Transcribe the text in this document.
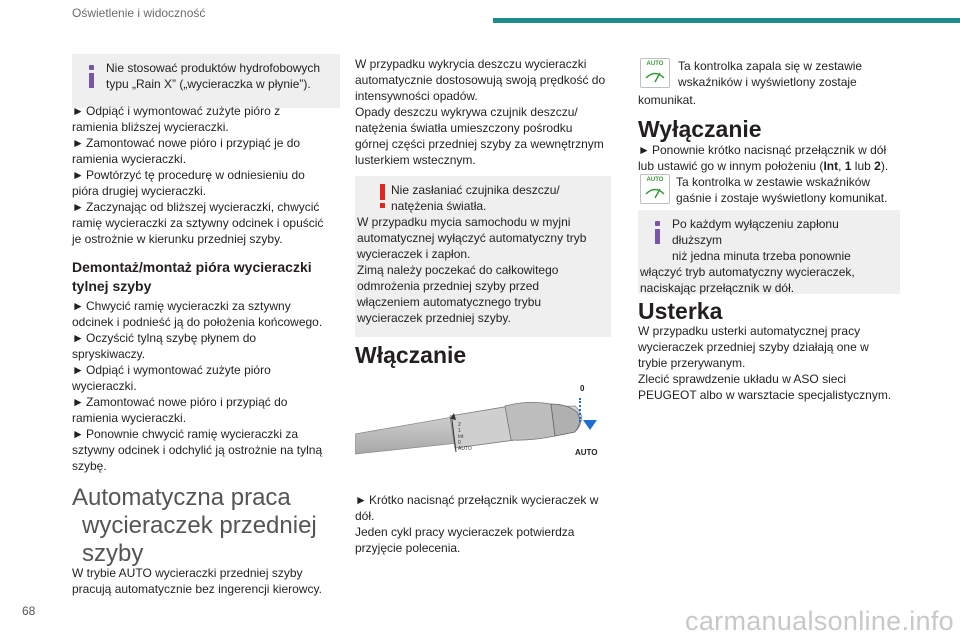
Oświetlenie i widoczność

Nie stosować produktów hydrofobowych

typu „Rain X” („wycieraczka w płynie”).

► Odpiąć i wymontować zużyte pióro z
ramienia bliższej wycieraczki.
► Zamontować nowe pióro i przypiąć je do
ramienia wycieraczki.
► Powtórzyć tę procedurę w odniesieniu do
pióra drugiej wycieraczki.
► Zaczynając od bliższej wycieraczki, chwycić
ramię wycieraczki za sztywny odcinek i opuścić
je ostrożnie w kierunku przedniej szyby.
Demontaż/montaż pióra wycieraczki
tylnej szyby
► Chwycić ramię wycieraczki za sztywny
odcinek i podnieść ją do położenia końcowego.
► Oczyścić tylną szybę płynem do
spryskiwaczy.
► Odpiąć i wymontować zużyte pióro
wycieraczki.
► Zamontować nowe pióro i przypiąć do
ramienia wycieraczki.
► Ponownie chwycić ramię wycieraczki za
sztywny odcinek i odchylić ją ostrożnie na tylną
szybę.
Automatyczna praca
wycieraczek przedniej
szyby

W trybie AUTO wycieraczki przedniej szyby

pracują automatycznie bez ingerencji kierowcy.

W przypadku wykrycia deszczu wycieraczki

automatycznie dostosowują swoją prędkość do

intensywności opadów.

Opady deszczu wykrywa czujnik deszczu/

natężenia światła umieszczony pośrodku

górnej części przedniej szyby za wewnętrznym

lusterkiem wstecznym.

Nie zasłaniać czujnika deszczu/

natężenia światła.

W przypadku mycia samochodu w myjni

automatycznej wyłączyć automatyczny tryb

wycieraczek i zapłon.

Zimą należy poczekać do całkowitego

odmrożenia przedniej szyby przed

włączeniem automatycznego trybu

wycieraczek przedniej szyby.

Włączanie
0
AUTO
2
1
Int
0
AUTO
► Krótko nacisnąć przełącznik wycieraczek w
dół.

Jeden cykl pracy wycieraczek potwierdza

przyjęcie polecenia.

AUTO	Ta kontrolka zapala się w zestawie

wskaźników i wyświetlony zostaje

komunikat.

Wyłączanie
► Ponownie krótko nacisnąć przełącznik w dół
lub ustawić go w innym położeniu (Int, 1 lub 2).
AUTO	Ta kontrolka w zestawie wskaźników

gaśnie i zostaje wyświetlony komunikat.

Po każdym wyłączeniu zapłonu dłuższym

niż jedna minuta trzeba ponownie

włączyć tryb automatyczny wycieraczek,

naciskając przełącznik w dół.

Usterka

W przypadku usterki automatycznej pracy

wycieraczek przedniej szyby działają one w

trybie przerywanym.

Zlecić sprawdzenie układu w ASO sieci

PEUGEOT albo w warsztacie specjalistycznym.

68	carmanualsonline.info
